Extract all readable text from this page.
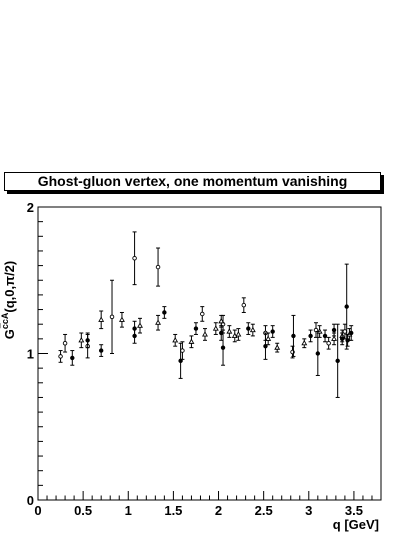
Ghost-gluon vertex, one momentum vanishing
0 0.5 1 1.5 2 2.5 3 3.5
0
1
2
q [GeV]
$G^{c̅cA}(q,0,\pi/2)$
